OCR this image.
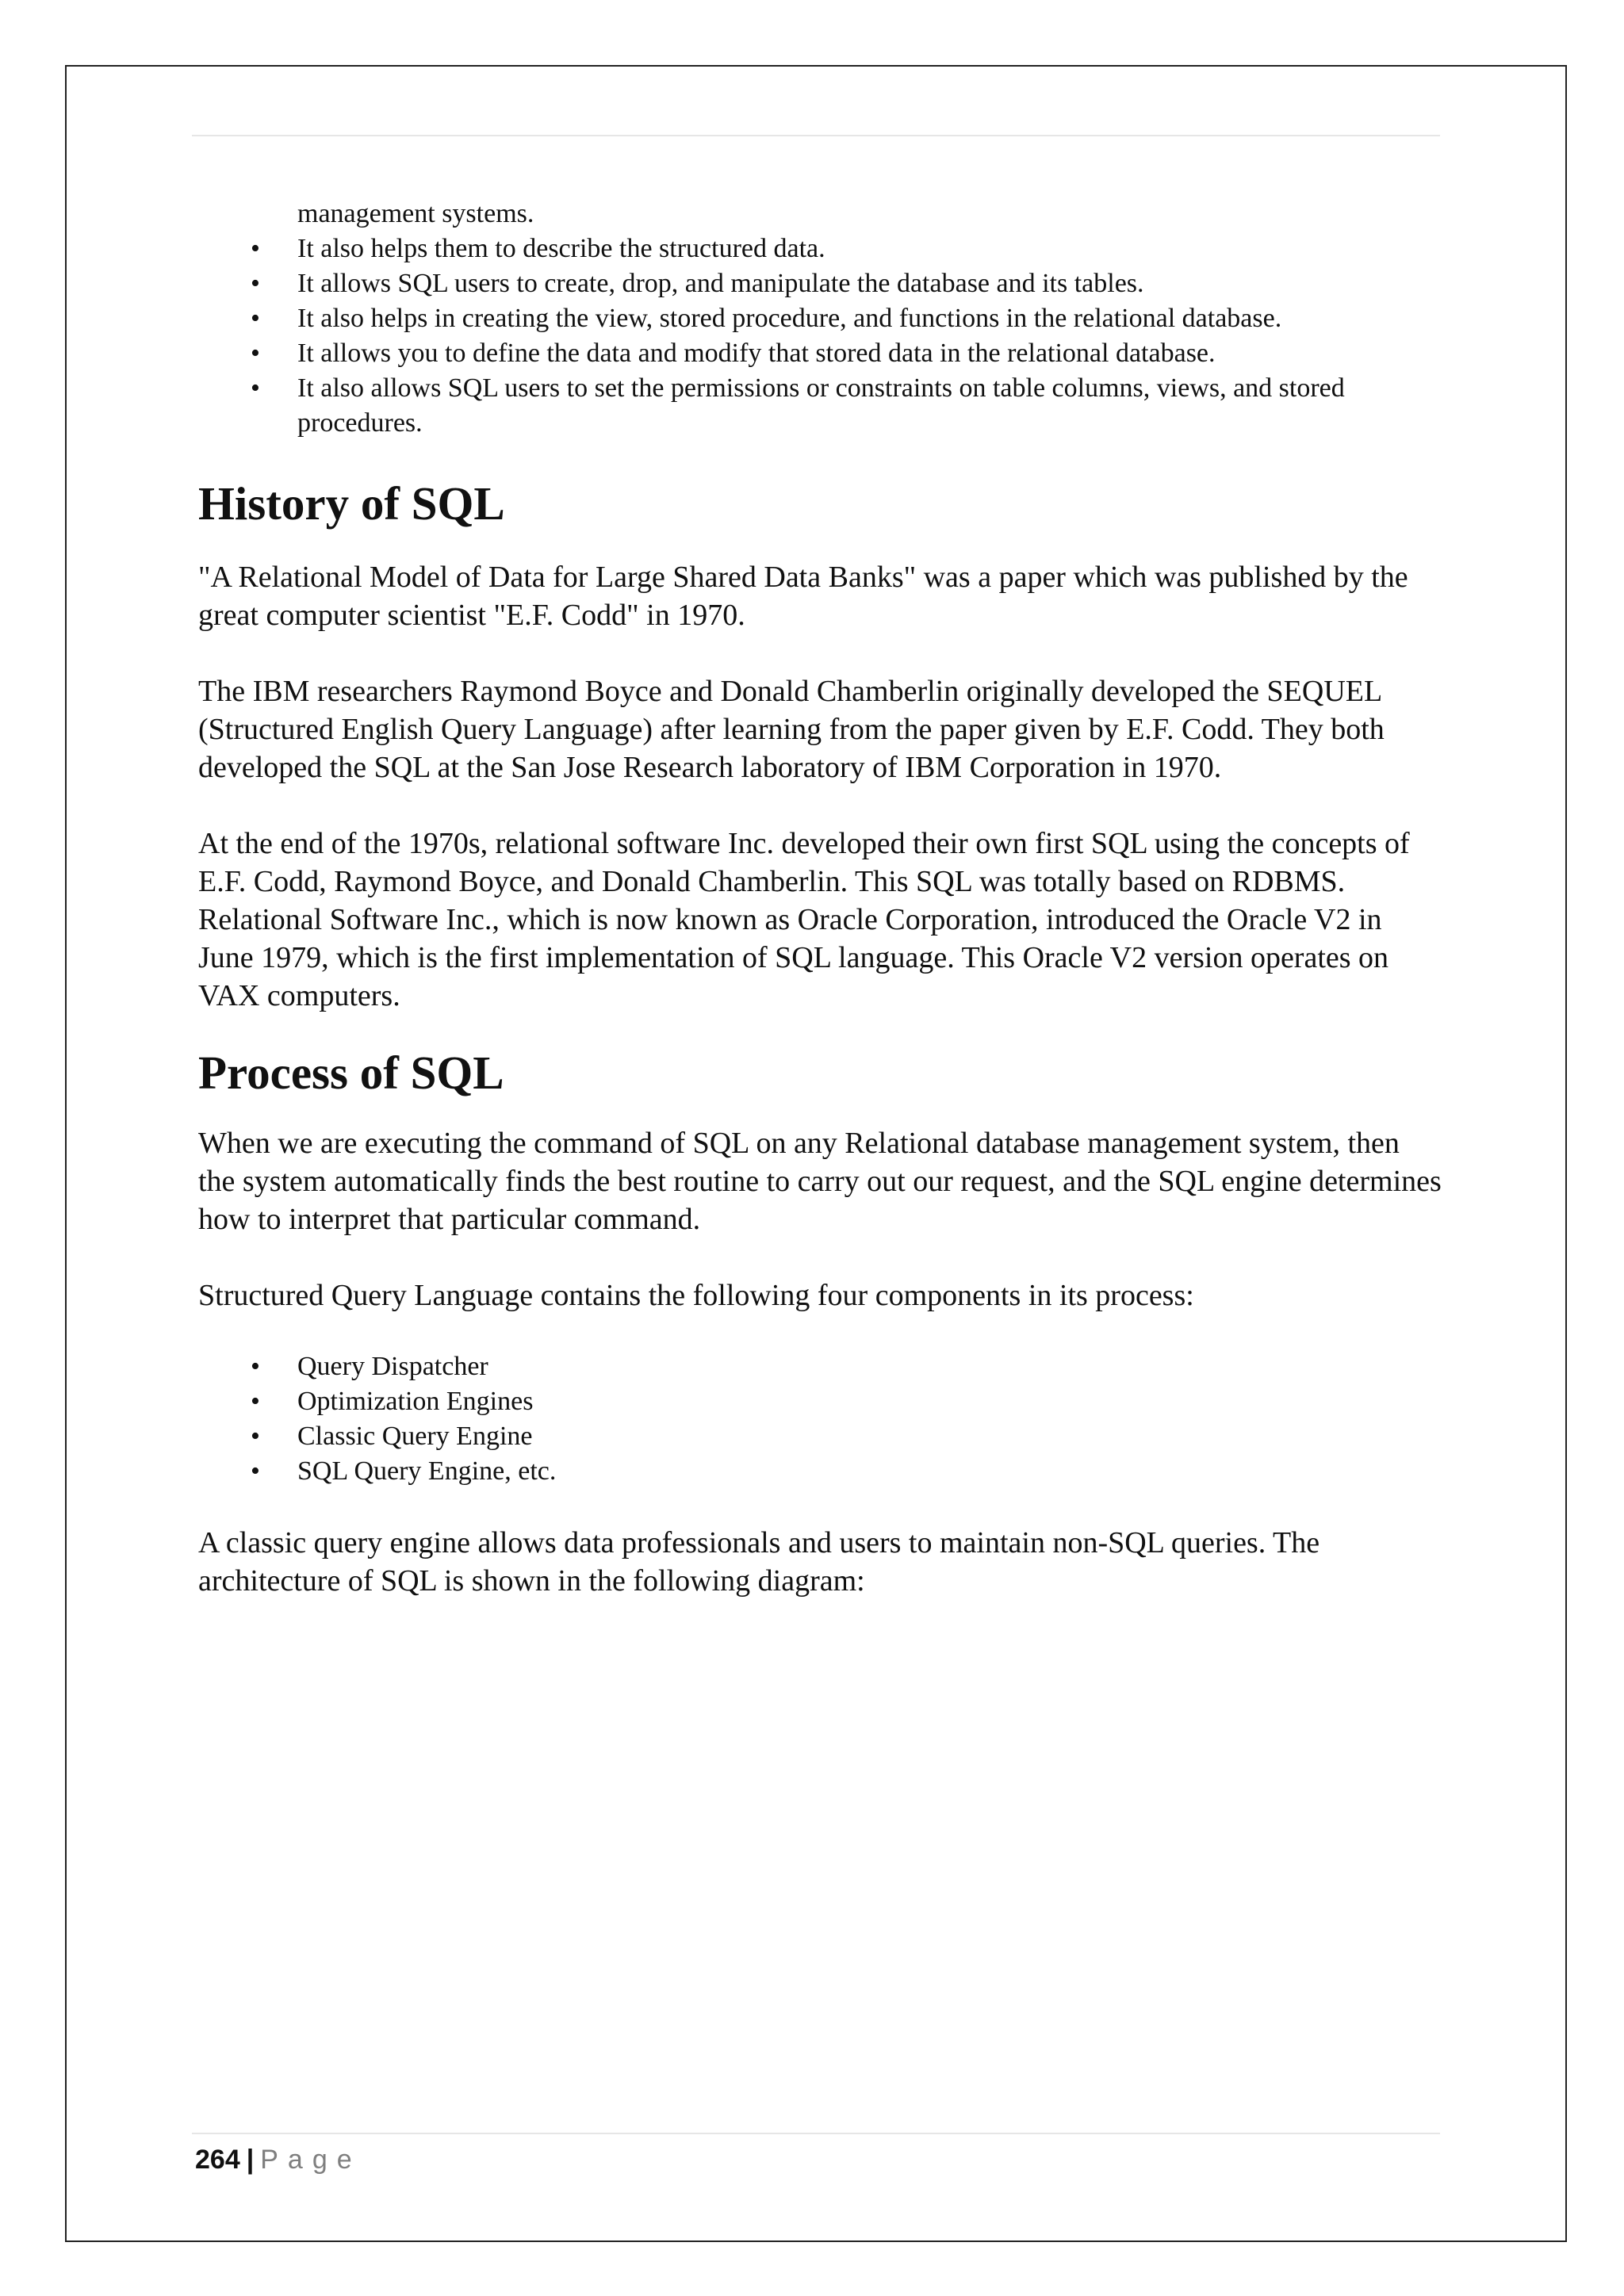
management systems.
• It also helps them to describe the structured data.
• It allows SQL users to create, drop, and manipulate the database and its tables.
• It also helps in creating the view, stored procedure, and functions in the relational database.
• It allows you to define the data and modify that stored data in the relational database.
• It also allows SQL users to set the permissions or constraints on table columns, views, and stored procedures.
History of SQL

"A Relational Model of Data for Large Shared Data Banks" was a paper which was published by the great computer scientist "E.F. Codd" in 1970.

The IBM researchers Raymond Boyce and Donald Chamberlin originally developed the SEQUEL (Structured English Query Language) after learning from the paper given by E.F. Codd. They both developed the SQL at the San Jose Research laboratory of IBM Corporation in 1970.

At the end of the 1970s, relational software Inc. developed their own first SQL using the concepts of E.F. Codd, Raymond Boyce, and Donald Chamberlin. This SQL was totally based on RDBMS. Relational Software Inc., which is now known as Oracle Corporation, introduced the Oracle V2 in June 1979, which is the first implementation of SQL language. This Oracle V2 version operates on VAX computers.

Process of SQL

When we are executing the command of SQL on any Relational database management system, then the system automatically finds the best routine to carry out our request, and the SQL engine determines how to interpret that particular command.

Structured Query Language contains the following four components in its process:

• Query Dispatcher
• Optimization Engines
• Classic Query Engine
• SQL Query Engine, etc.

A classic query engine allows data professionals and users to maintain non-SQL queries. The architecture of SQL is shown in the following diagram:

264 | Page
